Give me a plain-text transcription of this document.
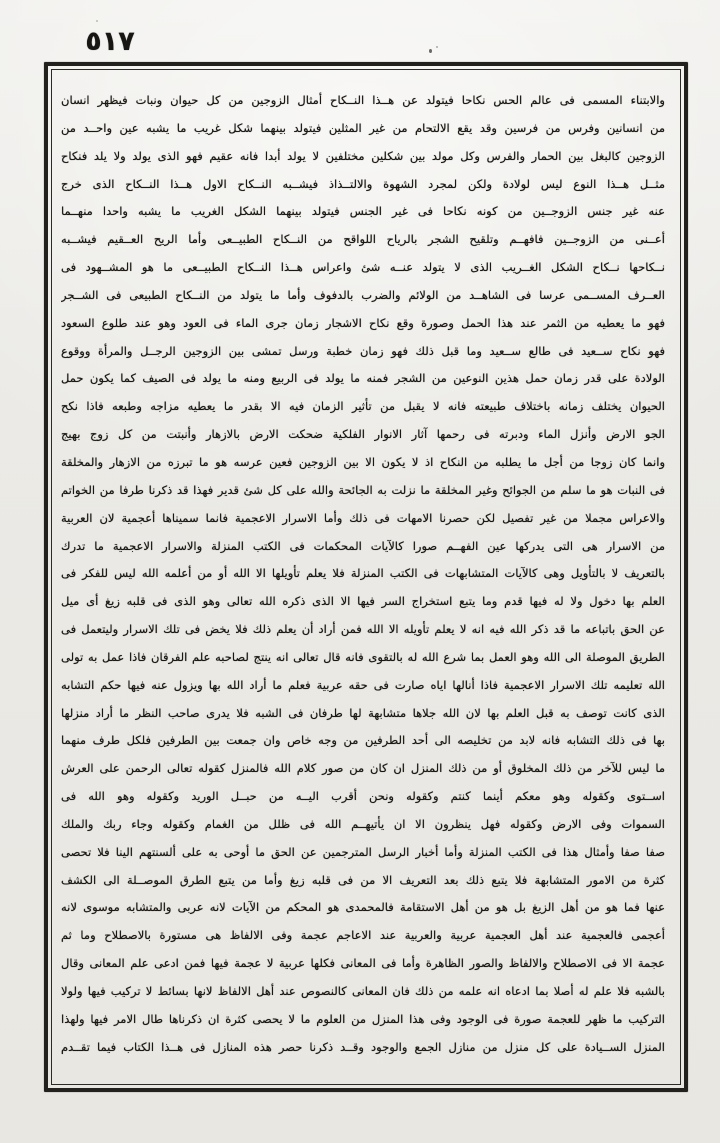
٥١٧
والابتناء المسمى فى عالم الحس نكاحا فيتولد عن هــذا النــكاح أمثال الزوجين من كل حيوان ونبات فيظهر انسان
من انسانين وفرس من فرسين وقد يقع الالتحام من غير المثلين فيتولد بينهما شكل غريب ما يشبه عين واحــد من
الزوجين كالبغل بين الحمار والفرس وكل مولد بين شكلين مختلفين لا يولد أبدا فانه عقيم فهو الذى يولد ولا يلد فنكاح
مثــل هــذا النوع ليس لولادة ولكن لمجرد الشهوة والالتــذاذ فيشــبه النــكاح الاول هــذا النــكاح الذى خرج
عنه غير جنس الزوجــين من كونه نكاحا فى غير الجنس فيتولد بينهما الشكل الغريب ما يشبه واحدا منهــما
أعــنى من الزوجــين فافهــم وتلقيح الشجر بالرياح اللواقح من النــكاح الطبيــعى وأما الريح العــقيم فيشــبه
نــكاحها نــكاح الشكل الغــريب الذى لا يتولد عنــه شئ واعراس هــذا النــكاح الطبيــعى ما هو المشــهود فى
العــرف المســمى عرسا فى الشاهــد من الولائم والضرب بالدفوف وأما ما يتولد من النــكاح الطبيعى فى الشــجر
فهو ما يعطيه من الثمر عند هذا الحمل وصورة وقع نكاح الاشجار زمان جرى الماء فى العود وهو عند طلوع السعود
فهو نكاح ســعيد فى طالع ســعيد وما قبل ذلك فهو زمان خطبة ورسل تمشى بين الزوجين الرجــل والمرأة ووقوع
الولادة على قدر زمان حمل هذين النوعين من الشجر فمنه ما يولد فى الربيع ومنه ما يولد فى الصيف كما يكون حمل
الحيوان يختلف زمانه باختلاف طبيعته فانه لا يقبل من تأثير الزمان فيه الا بقدر ما يعطيه مزاجه وطبعه فاذا نكح
الجو الارض وأنزل الماء ودبرته فى رحمها آثار الانوار الفلكية ضحكت الارض بالازهار وأنبتت من كل زوج بهيج
وانما كان زوجا من أجل ما يطلبه من النكاح اذ لا يكون الا بين الزوجين فعين عرسه هو ما تبرزه من الازهار والمخلقة
فى النبات هو ما سلم من الجوائح وغير المخلقة ما نزلت به الجائحة والله على كل شئ قدير فهذا قد ذكرنا طرفا من الخواتم
والاعراس مجملا من غير تفصيل لكن حصرنا الامهات فى ذلك وأما الاسرار الاعجمية فانما سميناها أعجمية لان العربية
من الاسرار هى التى يدركها عين الفهــم صورا كالآيات المحكمات فى الكتب المنزلة والاسرار الاعجمية ما تدرك
بالتعريف لا بالتأويل وهى كالآيات المتشابهات فى الكتب المنزلة فلا يعلم تأويلها الا الله أو من أعلمه الله ليس للفكر فى
العلم بها دخول ولا له فيها قدم وما يتبع استخراج السر فيها الا الذى ذكره الله تعالى وهو الذى فى قلبه زيغ أى ميل
عن الحق باتباعه ما قد ذكر الله فيه انه لا يعلم تأويله الا الله فمن أراد أن يعلم ذلك فلا يخض فى تلك الاسرار وليتعمل فى
الطريق الموصلة الى الله وهو العمل بما شرع الله له بالتقوى فانه قال تعالى انه ينتج لصاحبه علم الفرقان فاذا عمل به تولى
الله تعليمه تلك الاسرار الاعجمية فاذا أنالها اياه صارت فى حقه عربية فعلم ما أراد الله بها ويزول عنه فيها حكم التشابه
الذى كانت توصف به قبل العلم بها لان الله جلاها متشابهة لها طرفان فى الشبه فلا يدرى صاحب النظر ما أراد منزلها
بها فى ذلك التشابه فانه لابد من تخليصه الى أحد الطرفين من وجه خاص وان جمعت بين الطرفين فلكل طرف منهما
ما ليس للآخر من ذلك المخلوق أو من ذلك المنزل ان كان من صور كلام الله فالمنزل كقوله تعالى الرحمن على العرش
اســتوى وكقوله وهو معكم أينما كنتم وكقوله ونحن أقرب اليــه من حبــل الوريد وكقوله وهو الله فى
السموات وفى الارض وكقوله فهل ينظرون الا ان يأتيهــم الله فى ظلل من الغمام وكقوله وجاء ربك والملك
صفا صفا وأمثال هذا فى الكتب المنزلة وأما أخبار الرسل المترجمين عن الحق ما أوحى به على ألسنتهم الينا فلا تحصى
كثرة من الامور المتشابهة فلا يتبع ذلك بعد التعريف الا من فى قلبه زيغ وأما من يتبع الطرق الموصــلة الى الكشف
عنها فما هو من أهل الزيغ بل هو من أهل الاستقامة فالمحمدى هو المحكم من الآيات لانه عربى والمتشابه موسوى لانه
أعجمى فالعجمية عند أهل العجمية عربية والعربية عند الاعاجم عجمة وفى الالفاظ هى مستورة بالاصطلاح وما ثم
عجمة الا فى الاصطلاح والالفاظ والصور الظاهرة وأما فى المعانى فكلها عربية لا عجمة فيها فمن ادعى علم المعانى وقال
بالشبه فلا علم له أصلا بما ادعاه انه علمه من ذلك فان المعانى كالنصوص عند أهل الالفاظ لانها بسائط لا تركيب فيها ولولا
التركيب ما ظهر للعجمة صورة فى الوجود وفى هذا المنزل من العلوم ما لا يحصى كثرة ان ذكرناها طال الامر فيها ولهذا
المنزل الســيادة على كل منزل من منازل الجمع والوجود وقــد ذكرنا حصر هذه المنازل فى هــذا الكتاب فيما تقــدم
